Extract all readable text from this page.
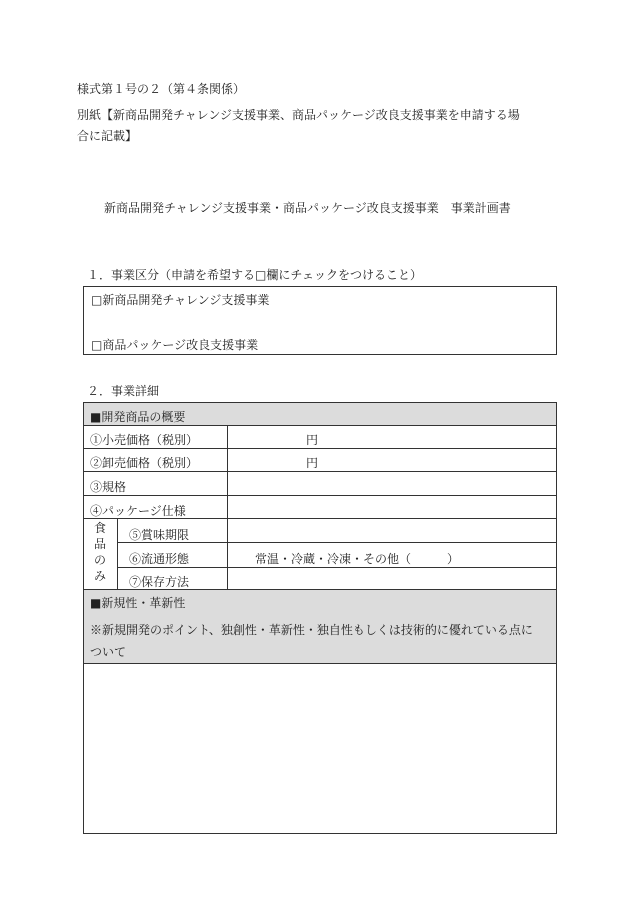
様式第１号の２（第４条関係）
別紙【新商品開発チャレンジ支援事業、商品パッケージ改良支援事業を申請する場
合に記載】
新商品開発チャレンジ支援事業・商品パッケージ改良支援事業　事業計画書
１．事業区分（申請を希望する□欄にチェックをつけること）
□新商品開発チャレンジ支援事業
□商品パッケージ改良支援事業
２．事業詳細
■開発商品の概要
①小売価格（税別）	円
②卸売価格（税別）	円
③規格
④パッケージ仕様
食
品
の
み
⑤賞味期限
⑥流通形態	常温・冷蔵・冷凍・その他（　　　）
⑦保存方法
■新規性・革新性
※新規開発のポイント、独創性・革新性・独自性もしくは技術的に優れている点に
ついて
